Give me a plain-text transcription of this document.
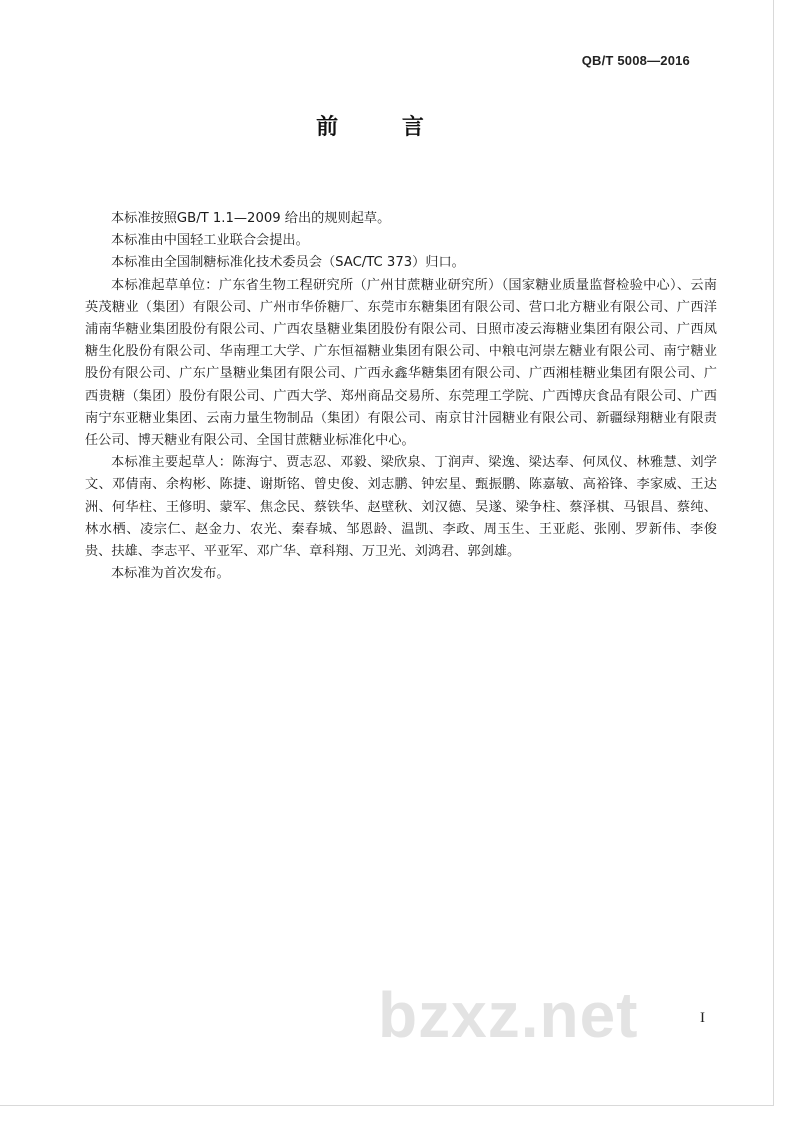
QB/T 5008—2016
前 言

本标准按照GB/T 1.1—2009 给出的规则起草。

本标准由中国轻工业联合会提出。

本标准由全国制糖标准化技术委员会（SAC/TC 373）归口。

本标准起草单位：广东省生物工程研究所（广州甘蔗糖业研究所）（国家糖业质量监督检验中心）、云南英茂糖业（集团）有限公司、广州市华侨糖厂、东莞市东糖集团有限公司、营口北方糖业有限公司、广西洋浦南华糖业集团股份有限公司、广西农垦糖业集团股份有限公司、日照市凌云海糖业集团有限公司、广西凤糖生化股份有限公司、华南理工大学、广东恒福糖业集团有限公司、中粮屯河崇左糖业有限公司、南宁糖业股份有限公司、广东广垦糖业集团有限公司、广西永鑫华糖集团有限公司、广西湘桂糖业集团有限公司、广西贵糖（集团）股份有限公司、广西大学、郑州商品交易所、东莞理工学院、广西博庆食品有限公司、广西南宁东亚糖业集团、云南力量生物制品（集团）有限公司、南京甘汁园糖业有限公司、新疆绿翔糖业有限责任公司、博天糖业有限公司、全国甘蔗糖业标准化中心。

本标准主要起草人：陈海宁、贾志忍、邓毅、梁欣泉、丁润声、梁逸、梁达奉、何凤仪、林雅慧、刘学文、邓倩南、余构彬、陈捷、谢斯铭、曾史俊、刘志鹏、钟宏星、甄振鹏、陈嘉敏、高裕锋、李家威、王达洲、何华柱、王修明、蒙军、焦念民、蔡铁华、赵壁秋、刘汉德、吴遂、梁争柱、蔡泽棋、马银昌、蔡纯、林水栖、凌宗仁、赵金力、农光、秦春城、邹恩龄、温凯、李政、周玉生、王亚彪、张刚、罗新伟、李俊贵、扶雄、李志平、平亚军、邓广华、章科翔、万卫光、刘鸿君、郭剑雄。

本标准为首次发布。

bzxz.net	I
